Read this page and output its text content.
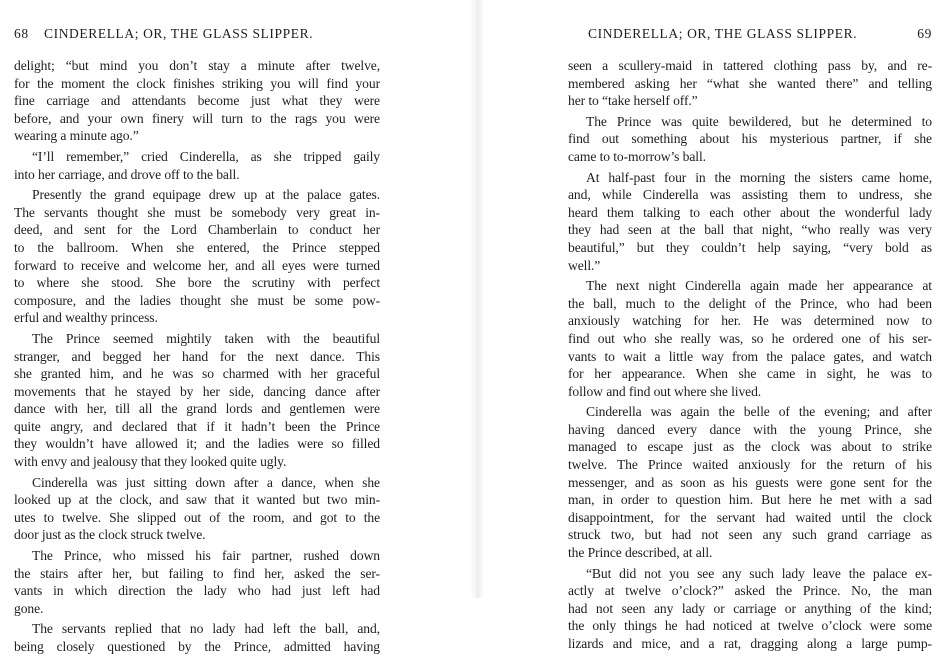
68 CINDERELLA; OR, THE GLASS SLIPPER.
delight; “but mind you don’t stay a minute after twelve,
for the moment the clock finishes striking you will find your
fine carriage and attendants become just what they were
before, and your own finery will turn to the rags you were
wearing a minute ago.”
“I’ll remember,” cried Cinderella, as she tripped gaily
into her carriage, and drove off to the ball.
Presently the grand equipage drew up at the palace gates.
The servants thought she must be somebody very great in-
deed, and sent for the Lord Chamberlain to conduct her
to the ballroom. When she entered, the Prince stepped
forward to receive and welcome her, and all eyes were turned
to where she stood. She bore the scrutiny with perfect
composure, and the ladies thought she must be some pow-
erful and wealthy princess.
The Prince seemed mightily taken with the beautiful
stranger, and begged her hand for the next dance. This
she granted him, and he was so charmed with her graceful
movements that he stayed by her side, dancing dance after
dance with her, till all the grand lords and gentlemen were
quite angry, and declared that if it hadn’t been the Prince
they wouldn’t have allowed it; and the ladies were so filled
with envy and jealousy that they looked quite ugly.
Cinderella was just sitting down after a dance, when she
looked up at the clock, and saw that it wanted but two min-
utes to twelve. She slipped out of the room, and got to the
door just as the clock struck twelve.
The Prince, who missed his fair partner, rushed down
the stairs after her, but failing to find her, asked the ser-
vants in which direction the lady who had just left had
gone.
The servants replied that no lady had left the ball, and,
being closely questioned by the Prince, admitted having
CINDERELLA; OR, THE GLASS SLIPPER.	69
seen a scullery-maid in tattered clothing pass by, and re-
membered asking her “what she wanted there” and telling
her to “take herself off.”
The Prince was quite bewildered, but he determined to
find out something about his mysterious partner, if she
came to to-morrow’s ball.
At half-past four in the morning the sisters came home,
and, while Cinderella was assisting them to undress, she
heard them talking to each other about the wonderful lady
they had seen at the ball that night, “who really was very
beautiful,” but they couldn’t help saying, “very bold as
well.”
The next night Cinderella again made her appearance at
the ball, much to the delight of the Prince, who had been
anxiously watching for her. He was determined now to
find out who she really was, so he ordered one of his ser-
vants to wait a little way from the palace gates, and watch
for her appearance. When she came in sight, he was to
follow and find out where she lived.
Cinderella was again the belle of the evening; and after
having danced every dance with the young Prince, she
managed to escape just as the clock was about to strike
twelve. The Prince waited anxiously for the return of his
messenger, and as soon as his guests were gone sent for the
man, in order to question him. But here he met with a sad
disappointment, for the servant had waited until the clock
struck two, but had not seen any such grand carriage as
the Prince described, at all.
“But did not you see any such lady leave the palace ex-
actly at twelve o’clock?” asked the Prince. No, the man
had not seen any lady or carriage or anything of the kind;
the only things he had noticed at twelve o’clock were some
lizards and mice, and a rat, dragging along a large pump-
